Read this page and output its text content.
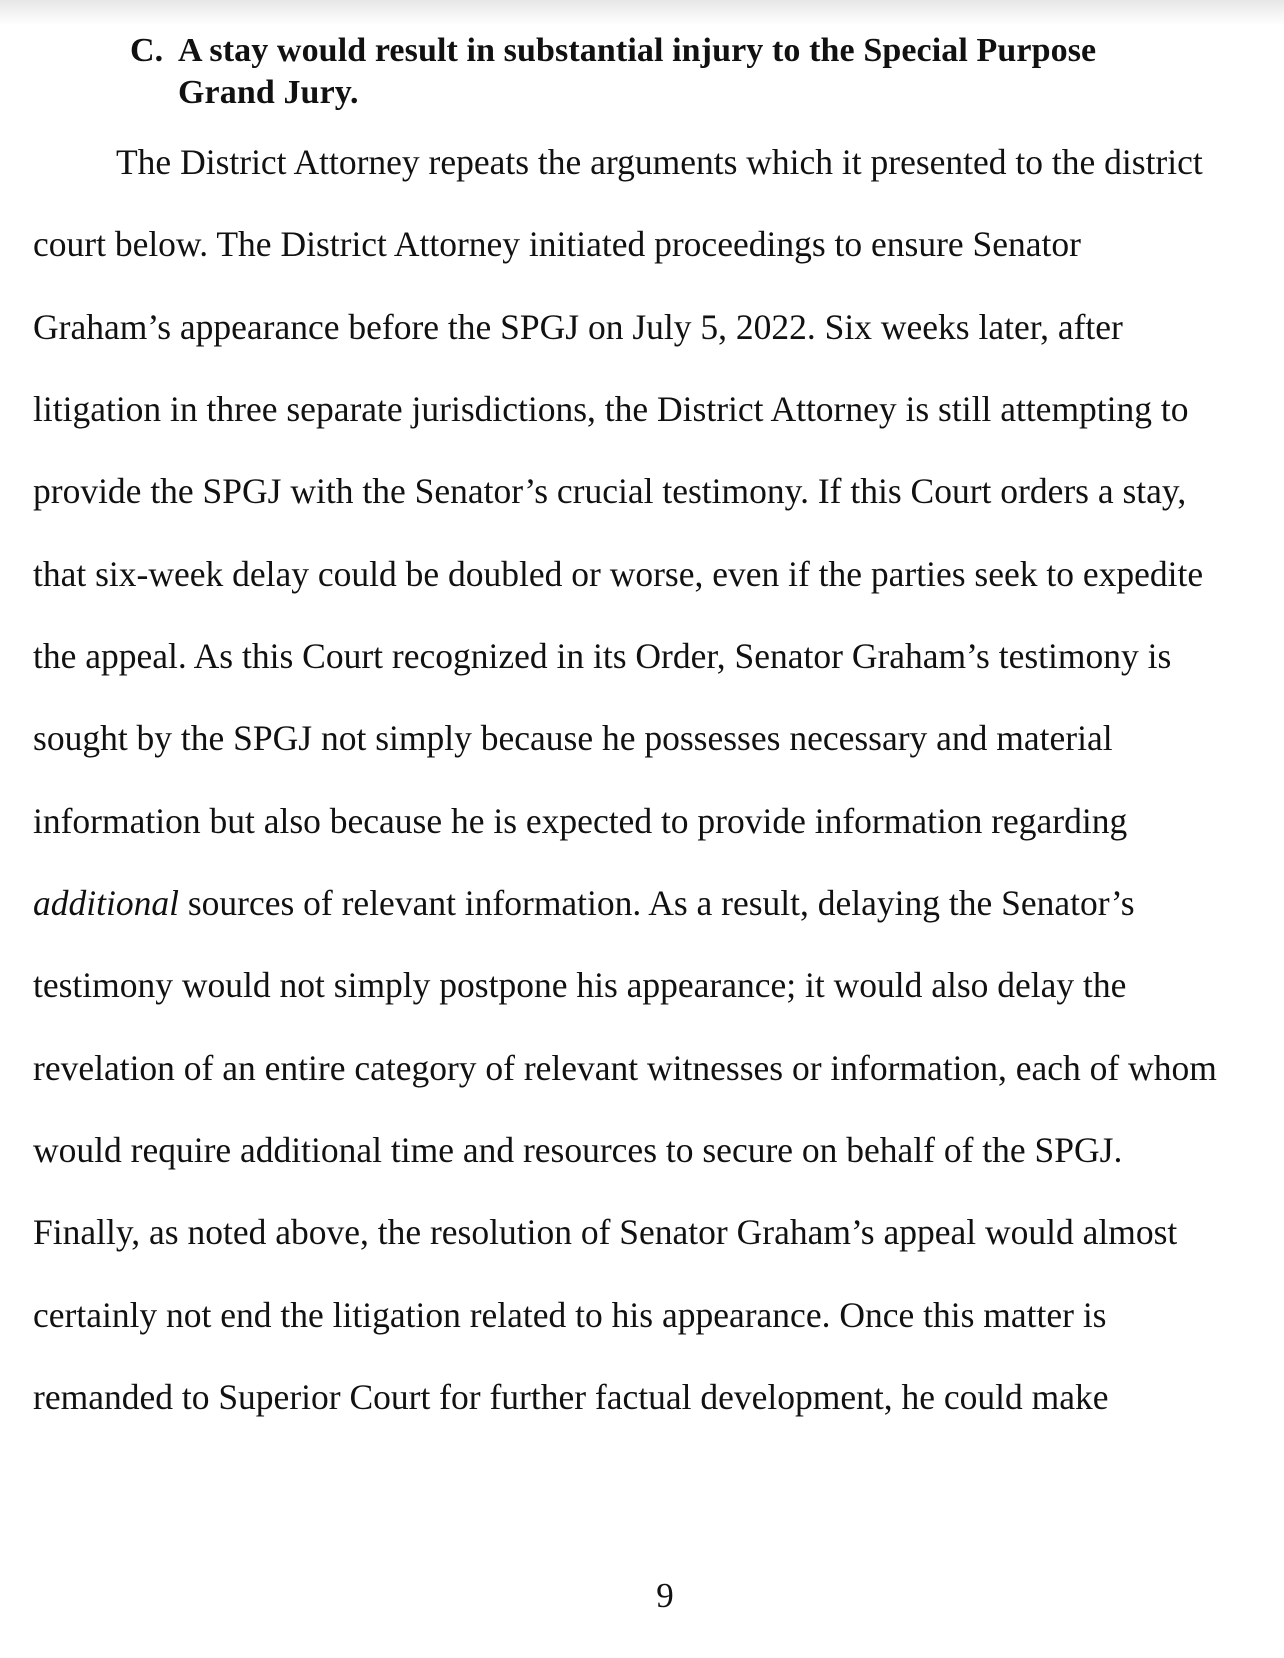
C. A stay would result in substantial injury to the Special Purpose
Grand Jury.
The District Attorney repeats the arguments which it presented to the district
court below. The District Attorney initiated proceedings to ensure Senator
Graham’s appearance before the SPGJ on July 5, 2022. Six weeks later, after
litigation in three separate jurisdictions, the District Attorney is still attempting to
provide the SPGJ with the Senator’s crucial testimony. If this Court orders a stay,
that six-week delay could be doubled or worse, even if the parties seek to expedite
the appeal. As this Court recognized in its Order, Senator Graham’s testimony is
sought by the SPGJ not simply because he possesses necessary and material
information but also because he is expected to provide information regarding
additional sources of relevant information. As a result, delaying the Senator’s
testimony would not simply postpone his appearance; it would also delay the
revelation of an entire category of relevant witnesses or information, each of whom
would require additional time and resources to secure on behalf of the SPGJ.
Finally, as noted above, the resolution of Senator Graham’s appeal would almost
certainly not end the litigation related to his appearance. Once this matter is
remanded to Superior Court for further factual development, he could make
9
